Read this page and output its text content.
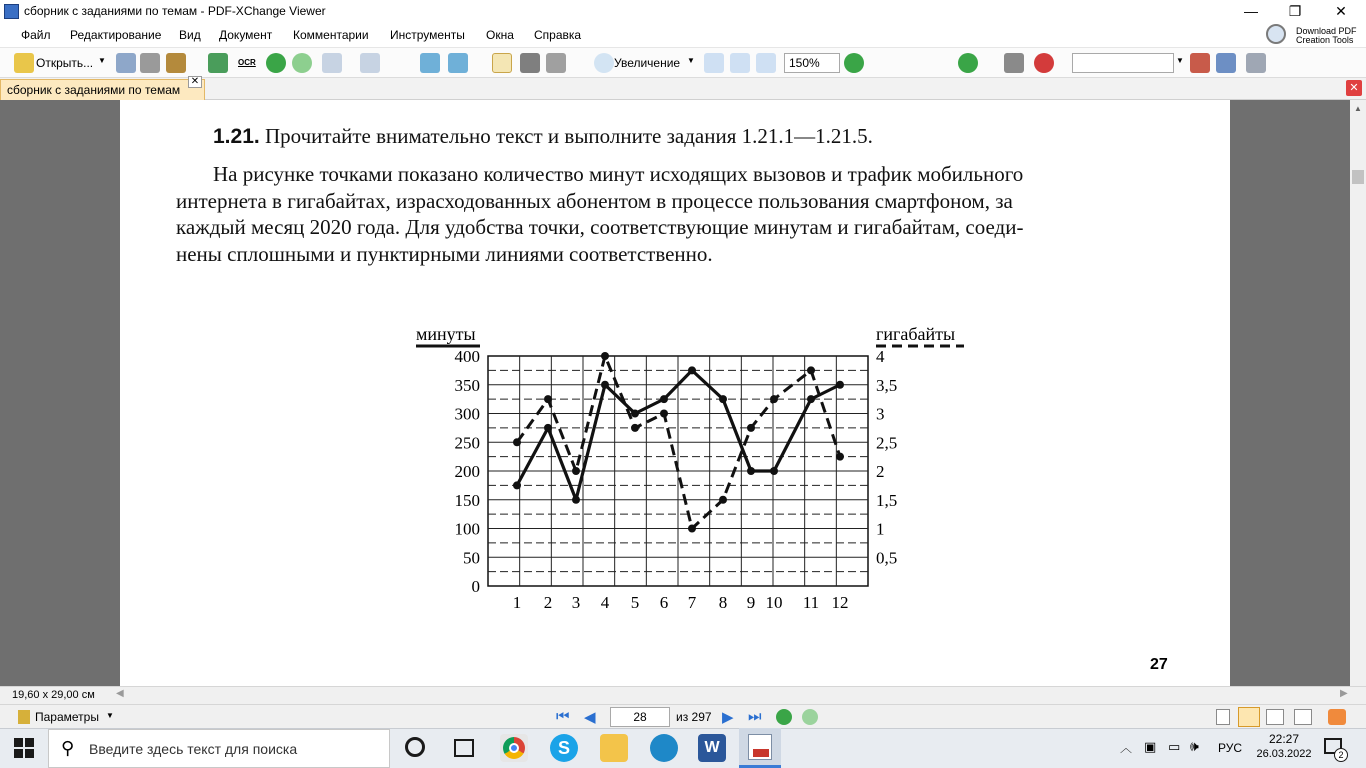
сборник с заданиями по темам - PDF-XChange Viewer	—	❐	✕
Файл Редактирование Вид Документ Комментарии Инструменты Окна Справка	Download PDF
Creation Tools
Открыть... ▼	OCR	Увеличение ▼	150%	▼
сборник с заданиями по темам
✕
✕
1.21. Прочитайте внимательно текст и выполните задания 1.21.1—1.21.5.
На рисунке точками показано количество минут исходящих вызовов и трафик мобильного
интернета в гигабайтах, израсходованных абонентом в процессе пользования смартфоном, за
каждый месяц 2020 года. Для удобства точки, соответствующие минутам и гигабайтам, соеди-
нены сплошными и пунктирными линиями соответственно.
минуты	гигабайты
0
50
100
150
200
250
300
350
400
0,5
1
1,5
2
2,5
3
3,5
4
1 2 3 4 5 6 7 8 9 10 11 12
27
▲
19,60 x 29,00 см ◀	▶
Параметры ▼	⏮ ◀	28	из 297 ▶ ⏭
⚲ Введите здесь текст для поиска	S	W	︿ ▣ ▭ 🕪 РУС
22:27
26.03.2022	2
